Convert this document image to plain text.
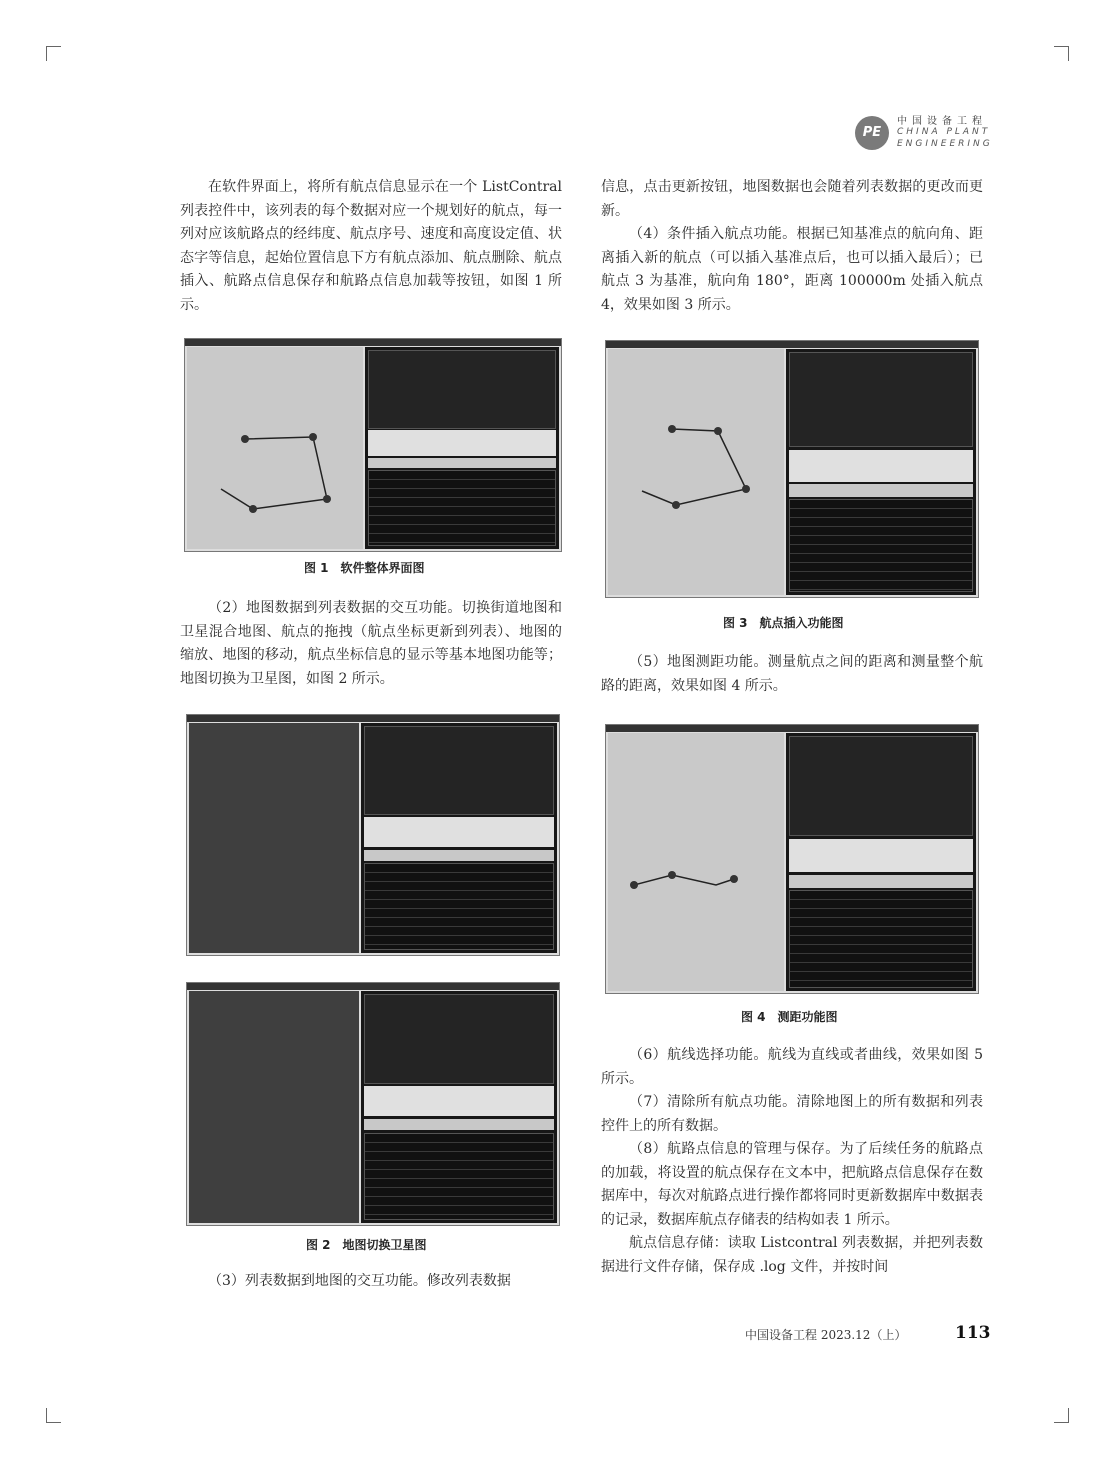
PE
中国设备工程
CHINA PLANT
ENGINEERING

在软件界面上，将所有航点信息显示在一个 ListContral 列表控件中，该列表的每个数据对应一个规划好的航点，每一列对应该航路点的经纬度、航点序号、速度和高度设定值、状态字等信息，起始位置信息下方有航点添加、航点删除、航点插入、航路点信息保存和航路点信息加载等按钮，如图 1 所示。

图 1　软件整体界面图

（2）地图数据到列表数据的交互功能。切换街道地图和卫星混合地图、航点的拖拽（航点坐标更新到列表）、地图的缩放、地图的移动，航点坐标信息的显示等基本地图功能等；地图切换为卫星图，如图 2 所示。

图 2　地图切换卫星图

（3）列表数据到地图的交互功能。修改列表数据

信息，点击更新按钮，地图数据也会随着列表数据的更改而更新。

（4）条件插入航点功能。根据已知基准点的航向角、距离插入新的航点（可以插入基准点后，也可以插入最后）；已航点 3 为基准，航向角 180°，距离 100000m 处插入航点 4，效果如图 3 所示。

图 3　航点插入功能图

（5）地图测距功能。测量航点之间的距离和测量整个航路的距离，效果如图 4 所示。

图 4　测距功能图

（6）航线选择功能。航线为直线或者曲线，效果如图 5 所示。

（7）清除所有航点功能。清除地图上的所有数据和列表控件上的所有数据。

（8）航路点信息的管理与保存。为了后续任务的航路点的加载，将设置的航点保存在文本中，把航路点信息保存在数据库中，每次对航路点进行操作都将同时更新数据库中数据表的记录，数据库航点存储表的结构如表 1 所示。

航点信息存储：读取 Listcontral 列表数据，并把列表数据进行文件存储，保存成 .log 文件，并按时间

中国设备工程 2023.12（上）	113
